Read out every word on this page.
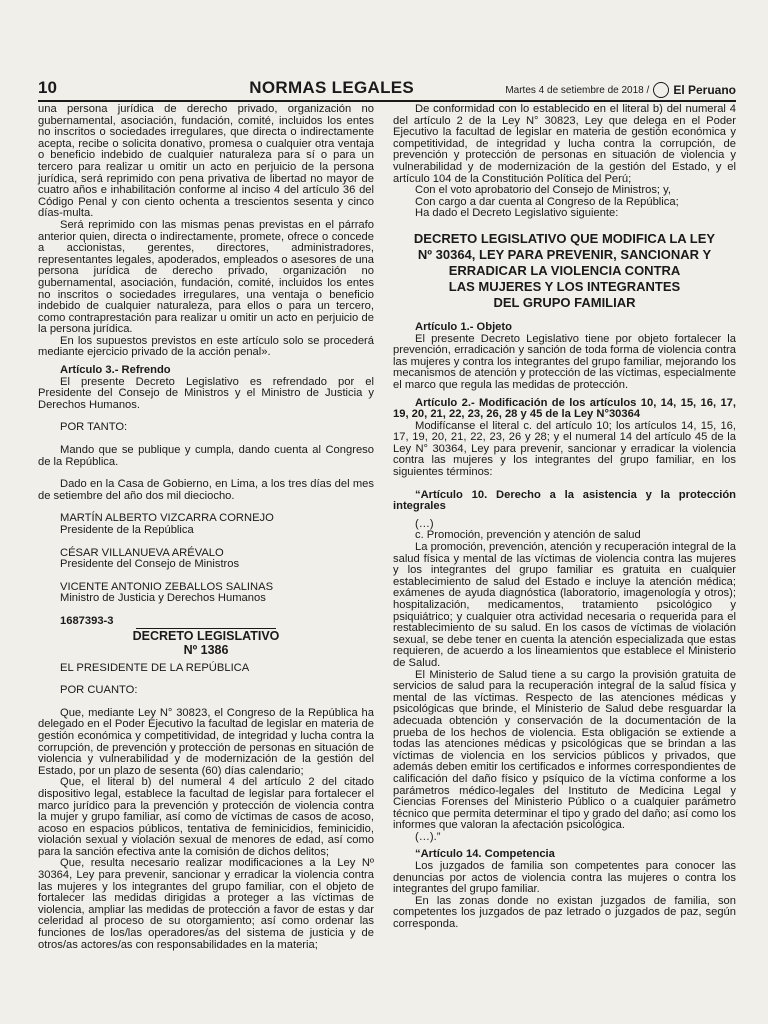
10	NORMAS LEGALES	Martes 4 de setiembre de 2018 / El Peruano

una persona jurídica de derecho privado, organización no gubernamental, asociación, fundación, comité, incluidos los entes no inscritos o sociedades irregulares, que directa o indirectamente acepta, recibe o solicita donativo, promesa o cualquier otra ventaja o beneficio indebido de cualquier naturaleza para sí o para un tercero para realizar u omitir un acto en perjuicio de la persona jurídica, será reprimido con pena privativa de libertad no mayor de cuatro años e inhabilitación conforme al inciso 4 del artículo 36 del Código Penal y con ciento ochenta a trescientos sesenta y cinco días-multa.

Será reprimido con las mismas penas previstas en el párrafo anterior quien, directa o indirectamente, promete, ofrece o concede a accionistas, gerentes, directores, administradores, representantes legales, apoderados, empleados o asesores de una persona jurídica de derecho privado, organización no gubernamental, asociación, fundación, comité, incluidos los entes no inscritos o sociedades irregulares, una ventaja o beneficio indebido de cualquier naturaleza, para ellos o para un tercero, como contraprestación para realizar u omitir un acto en perjuicio de la persona jurídica.

En los supuestos previstos en este artículo solo se procederá mediante ejercicio privado de la acción penal».

Artículo 3.- Refrendo

El presente Decreto Legislativo es refrendado por el Presidente del Consejo de Ministros y el Ministro de Justicia y Derechos Humanos.

POR TANTO:

Mando que se publique y cumpla, dando cuenta al Congreso de la República.

Dado en la Casa de Gobierno, en Lima, a los tres días del mes de setiembre del año dos mil dieciocho.

MARTÍN ALBERTO VIZCARRA CORNEJO

Presidente de la República

CÉSAR VILLANUEVA ARÉVALO

Presidente del Consejo de Ministros

VICENTE ANTONIO ZEBALLOS SALINAS

Ministro de Justicia y Derechos Humanos

1687393-3

DECRETO LEGISLATIVO
Nº 1386

EL PRESIDENTE DE LA REPÚBLICA

POR CUANTO:

Que, mediante Ley N° 30823, el Congreso de la República ha delegado en el Poder Ejecutivo la facultad de legislar en materia de gestión económica y competitividad, de integridad y lucha contra la corrupción, de prevención y protección de personas en situación de violencia y vulnerabilidad y de modernización de la gestión del Estado, por un plazo de sesenta (60) días calendario;

Que, el literal b) del numeral 4 del artículo 2 del citado dispositivo legal, establece la facultad de legislar para fortalecer el marco jurídico para la prevención y protección de violencia contra la mujer y grupo familiar, así como de víctimas de casos de acoso, acoso en espacios públicos, tentativa de feminicidios, feminicidio, violación sexual y violación sexual de menores de edad, así como para la sanción efectiva ante la comisión de dichos delitos;

Que, resulta necesario realizar modificaciones a la Ley Nº 30364, Ley para prevenir, sancionar y erradicar la violencia contra las mujeres y los integrantes del grupo familiar, con el objeto de fortalecer las medidas dirigidas a proteger a las víctimas de violencia, ampliar las medidas de protección a favor de estas y dar celeridad al proceso de su otorgamiento; así como ordenar las funciones de los/las operadores/as del sistema de justicia y de otros/as actores/as con responsabilidades en la materia;

De conformidad con lo establecido en el literal b) del numeral 4 del artículo 2 de la Ley N° 30823, Ley que delega en el Poder Ejecutivo la facultad de legislar en materia de gestión económica y competitividad, de integridad y lucha contra la corrupción, de prevención y protección de personas en situación de violencia y vulnerabilidad y de modernización de la gestión del Estado, y el artículo 104 de la Constitución Política del Perú;

Con el voto aprobatorio del Consejo de Ministros; y,

Con cargo a dar cuenta al Congreso de la República;

Ha dado el Decreto Legislativo siguiente:

DECRETO LEGISLATIVO QUE MODIFICA LA LEY
Nº 30364, LEY PARA PREVENIR, SANCIONAR Y
ERRADICAR LA VIOLENCIA CONTRA
LAS MUJERES Y LOS INTEGRANTES
DEL GRUPO FAMILIAR

Artículo 1.- Objeto

El presente Decreto Legislativo tiene por objeto fortalecer la prevención, erradicación y sanción de toda forma de violencia contra las mujeres y contra los integrantes del grupo familiar, mejorando los mecanismos de atención y protección de las víctimas, especialmente el marco que regula las medidas de protección.

Artículo 2.- Modificación de los artículos 10, 14, 15, 16, 17, 19, 20, 21, 22, 23, 26, 28 y 45 de la Ley N°30364

Modifícanse el literal c. del artículo 10; los artículos 14, 15, 16, 17, 19, 20, 21, 22, 23, 26 y 28; y el numeral 14 del artículo 45 de la Ley N° 30364, Ley para prevenir, sancionar y erradicar la violencia contra las mujeres y los integrantes del grupo familiar, en los siguientes términos:

“Artículo 10. Derecho a la asistencia y la protección integrales

(…)

c. Promoción, prevención y atención de salud

La promoción, prevención, atención y recuperación integral de la salud física y mental de las víctimas de violencia contra las mujeres y los integrantes del grupo familiar es gratuita en cualquier establecimiento de salud del Estado e incluye la atención médica; exámenes de ayuda diagnóstica (laboratorio, imagenología y otros); hospitalización, medicamentos, tratamiento psicológico y psiquiátrico; y cualquier otra actividad necesaria o requerida para el restablecimiento de su salud. En los casos de víctimas de violación sexual, se debe tener en cuenta la atención especializada que estas requieren, de acuerdo a los lineamientos que establece el Ministerio de Salud.

El Ministerio de Salud tiene a su cargo la provisión gratuita de servicios de salud para la recuperación integral de la salud física y mental de las víctimas. Respecto de las atenciones médicas y psicológicas que brinde, el Ministerio de Salud debe resguardar la adecuada obtención y conservación de la documentación de la prueba de los hechos de violencia. Esta obligación se extiende a todas las atenciones médicas y psicológicas que se brindan a las víctimas de violencia en los servicios públicos y privados, que además deben emitir los certificados e informes correspondientes de calificación del daño físico y psíquico de la víctima conforme a los parámetros médico-legales del Instituto de Medicina Legal y Ciencias Forenses del Ministerio Público o a cualquier parámetro técnico que permita determinar el tipo y grado del daño; así como los informes que valoran la afectación psicológica.

(…).”

“Artículo 14. Competencia

Los juzgados de familia son competentes para conocer las denuncias por actos de violencia contra las mujeres o contra los integrantes del grupo familiar.

En las zonas donde no existan juzgados de familia, son competentes los juzgados de paz letrado o juzgados de paz, según corresponda.
